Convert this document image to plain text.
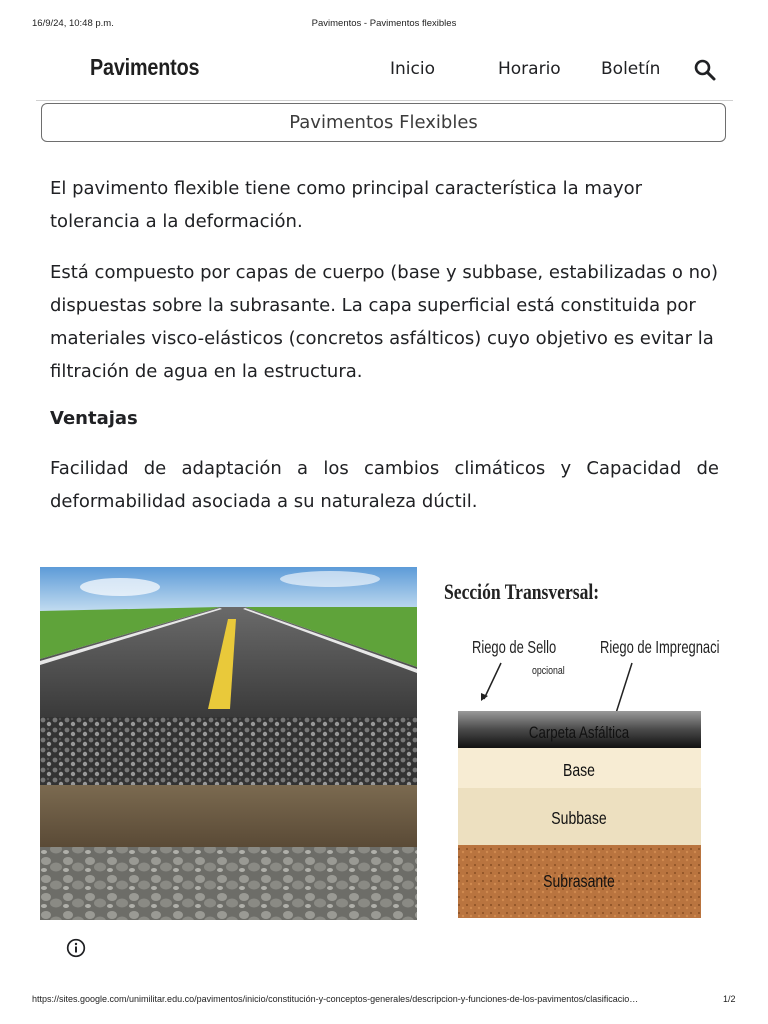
16/9/24, 10:48 p.m.	Pavimentos - Pavimentos flexibles
Pavimentos	Inicio	Horario Boletín
Pavimentos Flexibles

El pavimento flexible tiene como principal característica la mayor tolerancia a la deformación.

Está compuesto por capas de cuerpo (base y subbase, estabilizadas o no) dispuestas sobre la subrasante. La capa superficial está constituida por materiales visco-elásticos (concretos asfálticos) cuyo objetivo es evitar la filtración de agua en la estructura.

Ventajas

Facilidad de adaptación a los cambios climáticos y Capacidad de deformabilidad asociada a su naturaleza dúctil.

Sección Transversal:
Riego de Sello
opcional
Riego de Impregnaci
Carpeta Asfáltica
Base
Subbase
Subrasante
https://sites.google.com/unimilitar.edu.co/pavimentos/inicio/constitución-y-conceptos-generales/descripcion-y-funciones-de-los-pavimentos/clasificacio…	1/2
